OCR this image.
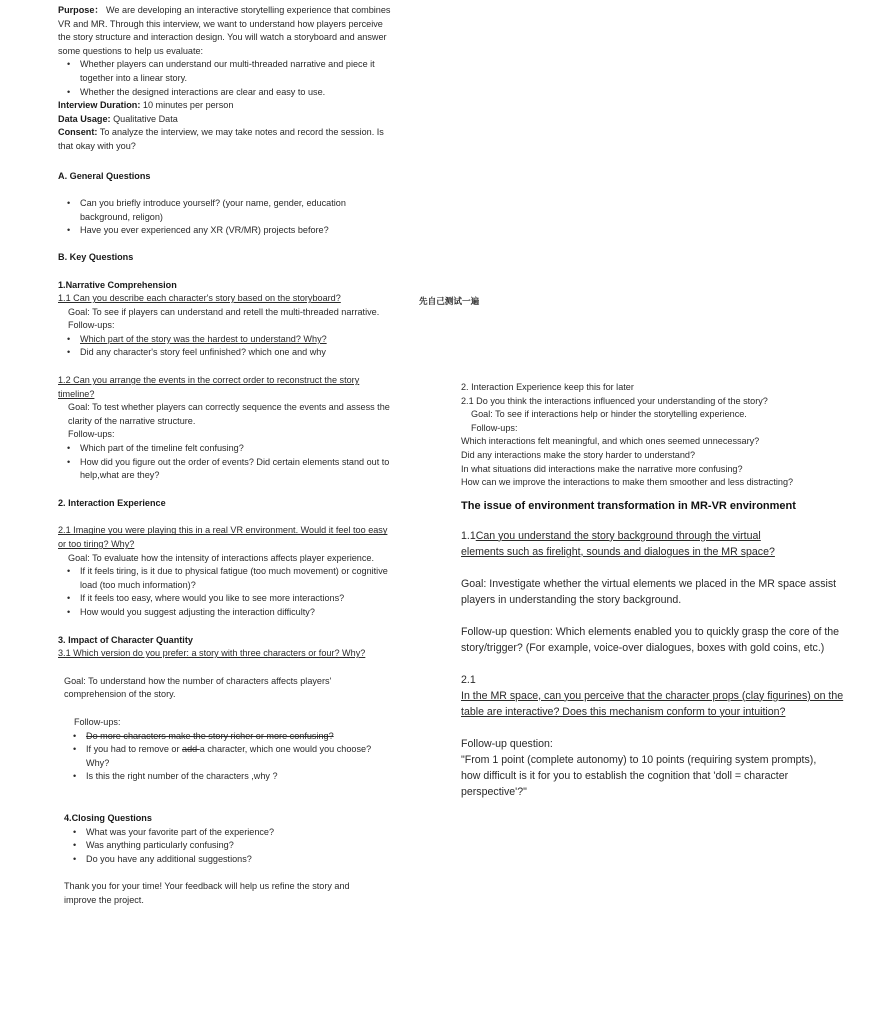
Purpose： We are developing an interactive storytelling experience that combines VR and MR. Through this interview, we want to understand how players perceive the story structure and interaction design. You will watch a storyboard and answer some questions to help us evaluate:

• Whether players can understand our multi-threaded narrative and piece it together into a linear story.
• Whether the designed interactions are clear and easy to use.

Interview Duration: 10 minutes per person

Data Usage: Qualitative Data

Consent: To analyze the interview, we may take notes and record the session. Is that okay with you?

A. General Questions

• Can you briefly introduce yourself? (your name, gender, education background, religon)
• Have you ever experienced any XR (VR/MR) projects before?

B. Key Questions

1.Narrative Comprehension

1.1 Can you describe each character's story based on the storyboard?

Goal: To see if players can understand and retell the multi-threaded narrative.

Follow-ups:

• Which part of the story was the hardest to understand? Why?
• Did any character's story feel unfinished? which one and why

1.2 Can you arrange the events in the correct order to reconstruct the story timeline?

Goal: To test whether players can correctly sequence the events and assess the clarity of the narrative structure.

Follow-ups:

• Which part of the timeline felt confusing?
• How did you figure out the order of events? Did certain elements stand out to help,what are they?

2. Interaction Experience

2.1 Imagine you were playing this in a real VR environment. Would it feel too easy or too tiring? Why?

Goal: To evaluate how the intensity of interactions affects player experience.

• If it feels tiring, is it due to physical fatigue (too much movement) or cognitive load (too much information)?
• If it feels too easy, where would you like to see more interactions?
• How would you suggest adjusting the interaction difficulty?

3. Impact of Character Quantity

3.1 Which version do you prefer: a story with three characters or four? Why?

Goal: To understand how the number of characters affects players' comprehension of the story.

Follow-ups:

• Do more characters make the story richer or more confusing?
• If you had to remove or add a character, which one would you choose? Why?
• Is this the right number of the characters ,why ?

4.Closing Questions

• What was your favorite part of the experience?
• Was anything particularly confusing?
• Do you have any additional suggestions?

Thank you for your time! Your feedback will help us refine the story and improve the project.

先自己测试一遍

2. Interaction Experience keep this for later

2.1 Do you think the interactions influenced your understanding of the story?

Goal: To see if interactions help or hinder the storytelling experience.

Follow-ups:

Which interactions felt meaningful, and which ones seemed unnecessary?

Did any interactions make the story harder to understand?

In what situations did interactions make the narrative more confusing?

How can we improve the interactions to make them smoother and less distracting?

The issue of environment transformation in MR-VR environment

1.1Can you understand the story background through the virtual elements such as firelight, sounds and dialogues in the MR space?

Goal: Investigate whether the virtual elements we placed in the MR space assist players in understanding the story background.

Follow-up question: Which elements enabled you to quickly grasp the core of the story/trigger? (For example, voice-over dialogues, boxes with gold coins, etc.)

2.1

In the MR space, can you perceive that the character props (clay figurines) on the table are interactive? Does this mechanism conform to your intuition?

Follow-up question:

"From 1 point (complete autonomy) to 10 points (requiring system prompts), how difficult is it for you to establish the cognition that 'doll = character perspective'?"
